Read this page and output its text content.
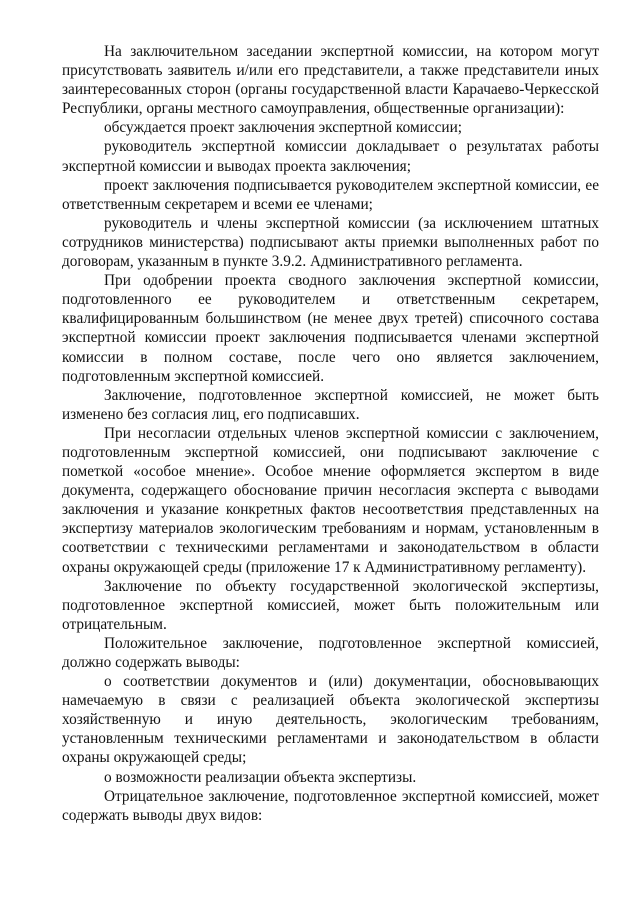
На заключительном заседании экспертной комиссии, на котором могут присутствовать заявитель и/или его представители, а также представители иных заинтересованных сторон (органы государственной власти Карачаево-Черкесской Республики, органы местного самоуправления, общественные организации):

обсуждается проект заключения экспертной комиссии;

руководитель экспертной комиссии докладывает о результатах работы экспертной комиссии и выводах проекта заключения;

проект заключения подписывается руководителем экспертной комиссии, ее ответственным секретарем и всеми ее членами;

руководитель и члены экспертной комиссии (за исключением штатных сотрудников министерства) подписывают акты приемки выполненных работ по договорам, указанным в пункте 3.9.2. Административного регламента.

При одобрении проекта сводного заключения экспертной комиссии, подготовленного ее руководителем и ответственным секретарем, квалифицированным большинством (не менее двух третей) списочного состава экспертной комиссии проект заключения подписывается членами экспертной комиссии в полном составе, после чего оно является заключением, подготовленным экспертной комиссией.

Заключение, подготовленное экспертной комиссией, не может быть изменено без согласия лиц, его подписавших.

При несогласии отдельных членов экспертной комиссии с заключением, подготовленным экспертной комиссией, они подписывают заключение с пометкой «особое мнение». Особое мнение оформляется экспертом в виде документа, содержащего обоснование причин несогласия эксперта с выводами заключения и указание конкретных фактов несоответствия представленных на экспертизу материалов экологическим требованиям и нормам, установленным в соответствии с техническими регламентами и законодательством в области охраны окружающей среды (приложение 17 к Административному регламенту).

Заключение по объекту государственной экологической экспертизы, подготовленное экспертной комиссией, может быть положительным или отрицательным.

Положительное заключение, подготовленное экспертной комиссией, должно содержать выводы:

о соответствии документов и (или) документации, обосновывающих намечаемую в связи с реализацией объекта экологической экспертизы хозяйственную и иную деятельность, экологическим требованиям, установленным техническими регламентами и законодательством в области охраны окружающей среды;

о возможности реализации объекта экспертизы.

Отрицательное заключение, подготовленное экспертной комиссией, может содержать выводы двух видов:
